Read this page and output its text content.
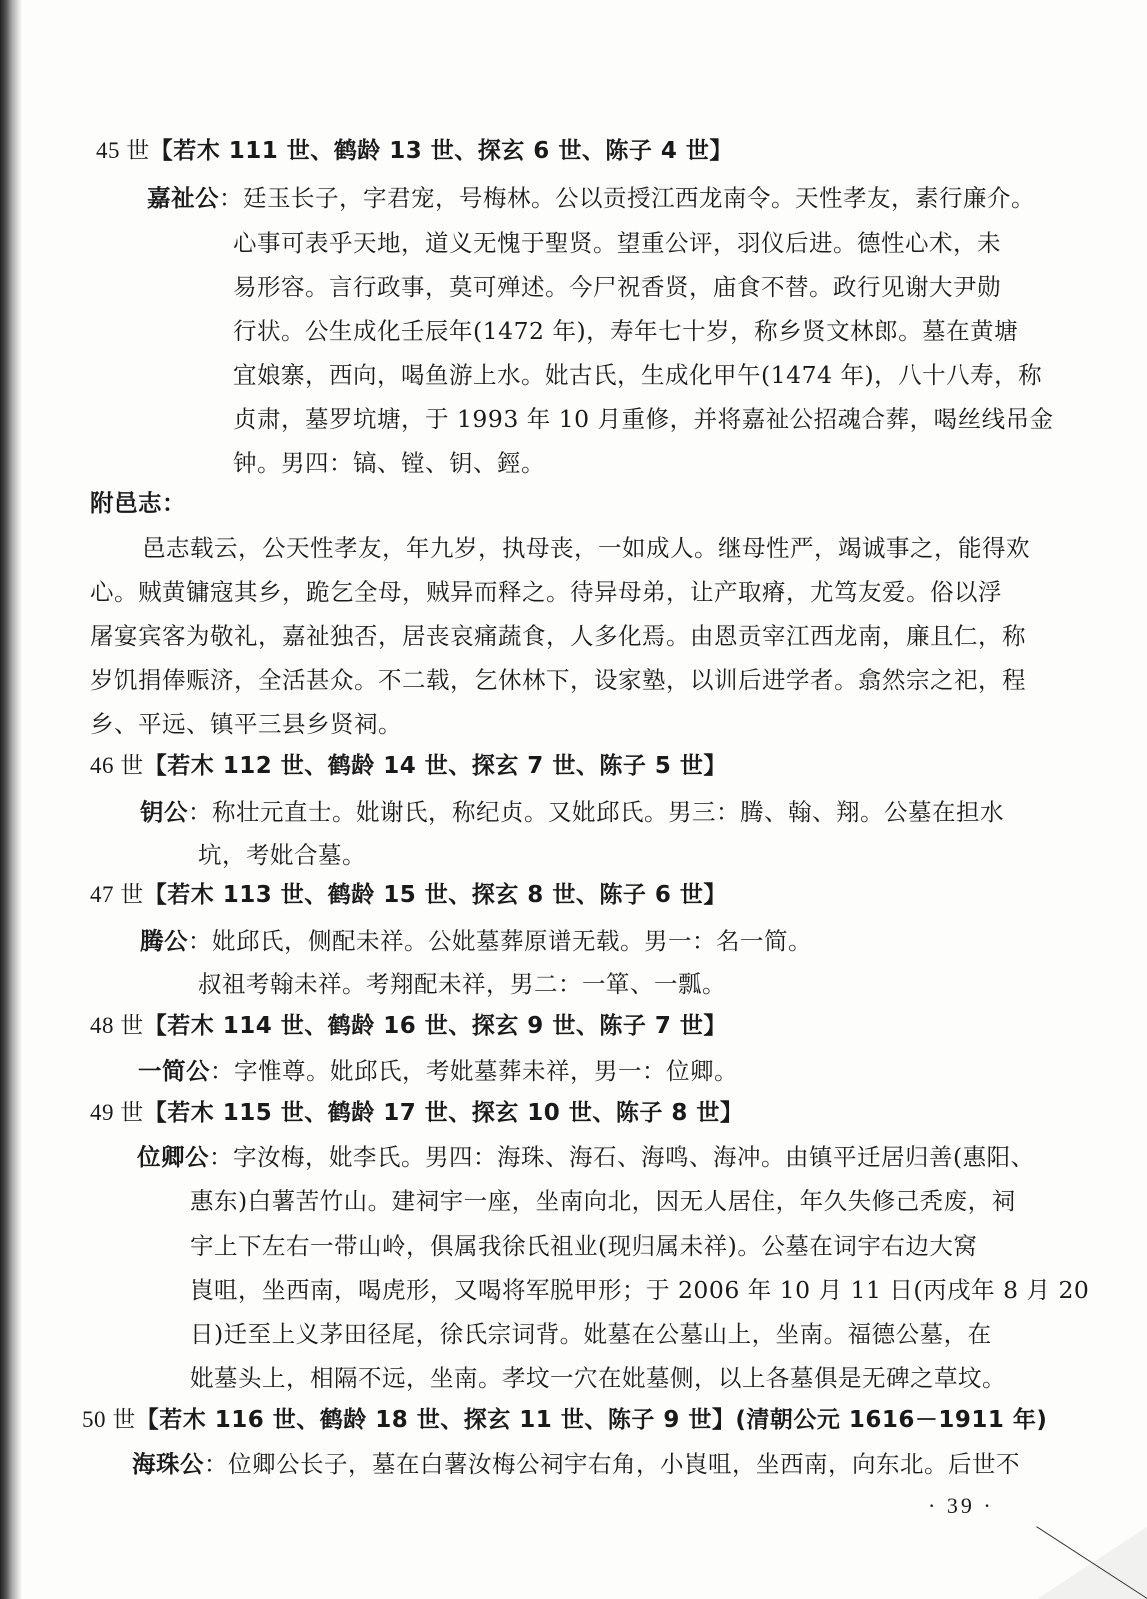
45 世【若木 111 世、鹤龄 13 世、探玄 6 世、陈子 4 世】
嘉祉公：廷玉长子，字君宠，号梅林。公以贡授江西龙南令。天性孝友，素行廉介。
心事可表乎天地，道义无愧于聖贤。望重公评，羽仪后进。德性心术，未
易形容。言行政事，莫可殚述。今尸祝香贤，庙食不替。政行见谢大尹勋
行状。公生成化壬辰年(1472 年)，寿年七十岁，称乡贤文林郎。墓在黄塘
宜娘寨，西向，喝鱼游上水。妣古氏，生成化甲午(1474 年)，八十八寿，称
贞肃，墓罗坑塘，于 1993 年 10 月重修，并将嘉祉公招魂合葬，喝丝线吊金
钟。男四：镐、镗、钥、鋞。
附邑志：
邑志载云，公天性孝友，年九岁，执母丧，一如成人。继母性严，竭诚事之，能得欢
心。贼黄镛寇其乡，跪乞全母，贼异而释之。待异母弟，让产取瘠，尤笃友爱。俗以浮
屠宴宾客为敬礼，嘉祉独否，居丧哀痛蔬食，人多化焉。由恩贡宰江西龙南，廉且仁，称
岁饥捐俸赈济，全活甚众。不二载，乞休林下，设家塾，以训后进学者。翕然宗之祀，程
乡、平远、镇平三县乡贤祠。
46 世【若木 112 世、鹤龄 14 世、探玄 7 世、陈子 5 世】
钥公：称壮元直士。妣谢氏，称纪贞。又妣邱氏。男三：腾、翰、翔。公墓在担水
坑，考妣合墓。
47 世【若木 113 世、鹤龄 15 世、探玄 8 世、陈子 6 世】
腾公：妣邱氏，侧配未祥。公妣墓葬原谱无载。男一：名一简。
叔祖考翰未祥。考翔配未祥，男二：一箪、一瓢。
48 世【若木 114 世、鹤龄 16 世、探玄 9 世、陈子 7 世】
一简公：字惟尊。妣邱氏，考妣墓葬未祥，男一：位卿。
49 世【若木 115 世、鹤龄 17 世、探玄 10 世、陈子 8 世】
位卿公：字汝梅，妣李氏。男四：海珠、海石、海鸣、海冲。由镇平迁居归善(惠阳、
惠东)白薯苦竹山。建祠宇一座，坐南向北，因无人居住，年久失修己秃废，祠
宇上下左右一带山岭，俱属我徐氏祖业(现归属未祥)。公墓在词宇右边大窝
崀咀，坐西南，喝虎形，又喝将军脱甲形；于 2006 年 10 月 11 日(丙戌年 8 月 20
日)迁至上义茅田径尾，徐氏宗词背。妣墓在公墓山上，坐南。福德公墓，在
妣墓头上，相隔不远，坐南。孝坟一穴在妣墓侧，以上各墓俱是无碑之草坟。
50 世【若木 116 世、鹤龄 18 世、探玄 11 世、陈子 9 世】(清朝公元 1616－1911 年)
海珠公：位卿公长子，墓在白薯汝梅公祠宇右角，小崀咀，坐西南，向东北。后世不
· 39 ·
